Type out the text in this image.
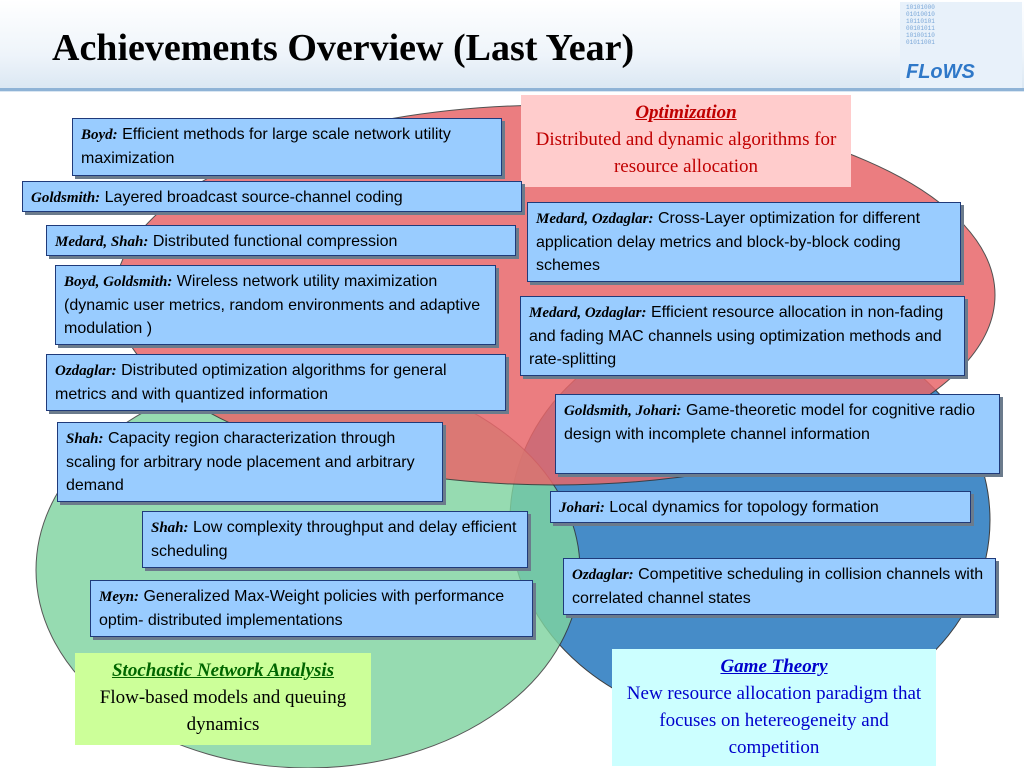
Achievements Overview (Last Year)
10101000
01010010
10110101
00101011
10100110
01011001
FLoWS
Optimization
Distributed and dynamic algorithms for resource allocation
Stochastic Network Analysis
Flow-based models and queuing dynamics
Game Theory
New resource allocation paradigm that focuses on hetereogeneity and competition
Boyd: Efficient methods for large scale network utility maximization
Goldsmith: Layered broadcast source-channel coding
Medard, Shah: Distributed functional compression
Boyd, Goldsmith: Wireless network utility maximization (dynamic user metrics, random environments and adaptive modulation )
Ozdaglar: Distributed optimization algorithms for general metrics and with quantized information
Shah: Capacity region characterization through scaling for arbitrary node placement and arbitrary demand
Shah: Low complexity throughput and delay efficient scheduling
Meyn: Generalized Max-Weight policies with performance optim- distributed implementations
Medard, Ozdaglar: Cross-Layer optimization for different application delay metrics and block-by-block coding schemes
Medard, Ozdaglar: Efficient resource allocation in non-fading and fading MAC channels using optimization methods and rate-splitting
Goldsmith, Johari: Game-theoretic model for cognitive radio design with incomplete channel information
Johari: Local dynamics for topology formation
Ozdaglar: Competitive scheduling in collision channels with correlated channel states
